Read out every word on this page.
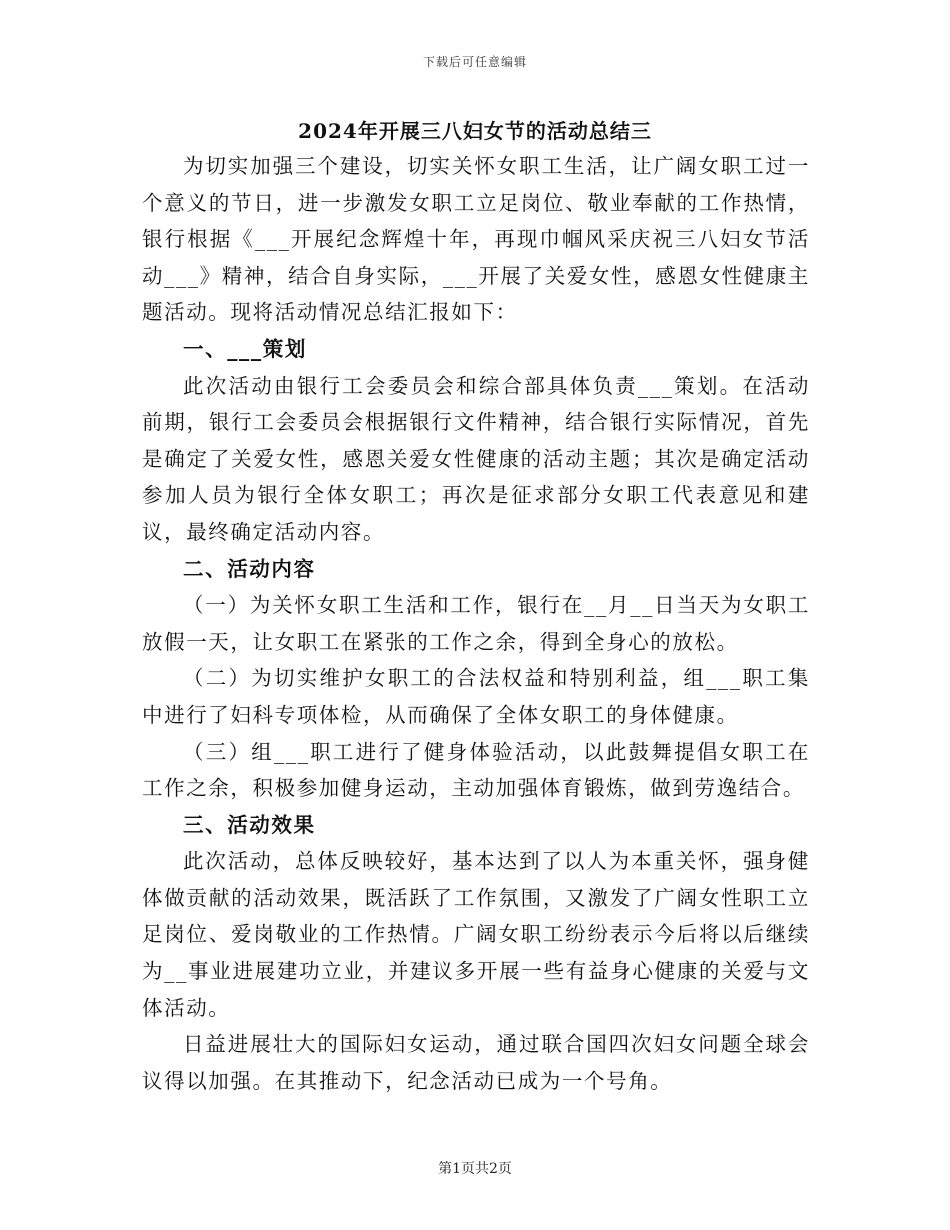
下载后可任意编辑
2024年开展三八妇女节的活动总结三

为切实加强三个建设，切实关怀女职工生活，让广阔女职工过一个意义的节日，进一步激发女职工立足岗位、敬业奉献的工作热情，银行根据《___开展纪念辉煌十年，再现巾帼风采庆祝三八妇女节活动___》精神，结合自身实际，___开展了关爱女性，感恩女性健康主题活动。现将活动情况总结汇报如下：

一、___策划

此次活动由银行工会委员会和综合部具体负责___策划。在活动前期，银行工会委员会根据银行文件精神，结合银行实际情况，首先是确定了关爱女性，感恩关爱女性健康的活动主题；其次是确定活动参加人员为银行全体女职工；再次是征求部分女职工代表意见和建议，最终确定活动内容。

二、活动内容

（一）为关怀女职工生活和工作，银行在__月__日当天为女职工放假一天，让女职工在紧张的工作之余，得到全身心的放松。

（二）为切实维护女职工的合法权益和特别利益，组___职工集中进行了妇科专项体检，从而确保了全体女职工的身体健康。

（三）组___职工进行了健身体验活动，以此鼓舞提倡女职工在工作之余，积极参加健身运动，主动加强体育锻炼，做到劳逸结合。

三、活动效果

此次活动，总体反映较好，基本达到了以人为本重关怀，强身健体做贡献的活动效果，既活跃了工作氛围，又激发了广阔女性职工立足岗位、爱岗敬业的工作热情。广阔女职工纷纷表示今后将以后继续为__事业进展建功立业，并建议多开展一些有益身心健康的关爱与文体活动。

日益进展壮大的国际妇女运动，通过联合国四次妇女问题全球会议得以加强。在其推动下，纪念活动已成为一个号角。

第1页共2页
